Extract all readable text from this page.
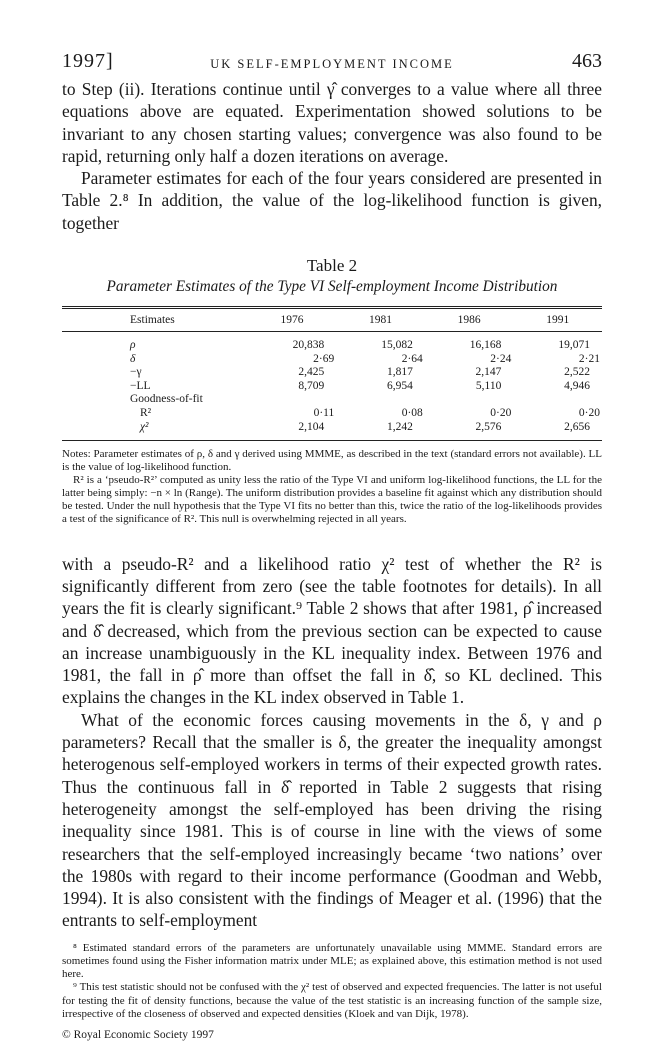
1997]	UK SELF-EMPLOYMENT INCOME	463

to Step (ii). Iterations continue until γ̂ converges to a value where all three equations above are equated. Experimentation showed solutions to be invariant to any chosen starting values; convergence was also found to be rapid, returning only half a dozen iterations on average.

Parameter estimates for each of the four years considered are presented in Table 2.⁸ In addition, the value of the log-likelihood function is given, together

Table 2
Parameter Estimates of the Type VI Self-employment Income Distribution
Estimates	1976	1981	1986	1991
ρ	20,838	15,082	16,168	19,071
δ	2·69	2·64	2·24	2·21
−γ	2,425	1,817	2,147	2,522
−LL	8,709	6,954	5,110	4,946
Goodness-of-fit				
R²	0·11	0·08	0·20	0·20
χ²	2,104	1,242	2,576	2,656

Notes: Parameter estimates of ρ, δ and γ derived using MMME, as described in the text (standard errors not available). LL is the value of log-likelihood function.

R² is a ‘pseudo-R²’ computed as unity less the ratio of the Type VI and uniform log-likelihood functions, the LL for the latter being simply: −n × ln (Range). The uniform distribution provides a baseline fit against which any distribution should be tested. Under the null hypothesis that the Type VI fits no better than this, twice the ratio of the log-likelihoods provides a test of the significance of R². This null is overwhelming rejected in all years.

with a pseudo-R² and a likelihood ratio χ² test of whether the R² is significantly different from zero (see the table footnotes for details). In all years the fit is clearly significant.⁹ Table 2 shows that after 1981, ρ̂ increased and δ̂ decreased, which from the previous section can be expected to cause an increase unambiguously in the KL inequality index. Between 1976 and 1981, the fall in ρ̂ more than offset the fall in δ̂, so KL declined. This explains the changes in the KL index observed in Table 1.

What of the economic forces causing movements in the δ, γ and ρ parameters? Recall that the smaller is δ, the greater the inequality amongst heterogenous self-employed workers in terms of their expected growth rates. Thus the continuous fall in δ̂ reported in Table 2 suggests that rising heterogeneity amongst the self-employed has been driving the rising inequality since 1981. This is of course in line with the views of some researchers that the self-employed increasingly became ‘two nations’ over the 1980s with regard to their income performance (Goodman and Webb, 1994). It is also consistent with the findings of Meager et al. (1996) that the entrants to self-employment

⁸ Estimated standard errors of the parameters are unfortunately unavailable using MMME. Standard errors are sometimes found using the Fisher information matrix under MLE; as explained above, this estimation method is not used here.

⁹ This test statistic should not be confused with the χ² test of observed and expected frequencies. The latter is not useful for testing the fit of density functions, because the value of the test statistic is an increasing function of the sample size, irrespective of the closeness of observed and expected densities (Kloek and van Dijk, 1978).

© Royal Economic Society 1997
